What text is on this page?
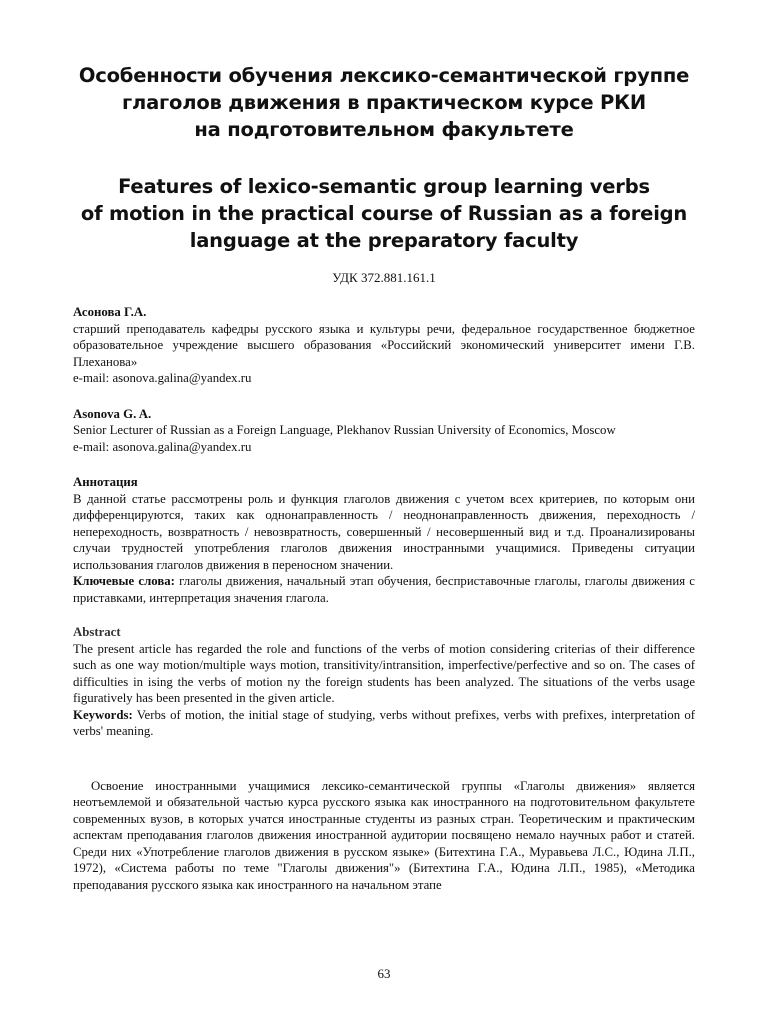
Особенности обучения лексико-семантической группе
глаголов движения в практическом курсе РКИ
на подготовительном факультете
Features of lexico-semantic group learning verbs
of motion in the practical course of Russian as a foreign
language at the preparatory faculty
УДК 372.881.161.1
Асонова Г.А.
старший преподаватель кафедры русского языка и культуры речи, федеральное государственное бюджетное образовательное учреждение высшего образования «Российский экономический университет имени Г.В. Плеханова»
e-mail: asonova.galina@yandex.ru
Asonova G. A.
Senior Lecturer of Russian as a Foreign Language, Plekhanov Russian University of Economics, Moscow
e-mail: asonova.galina@yandex.ru
Аннотация
В данной статье рассмотрены роль и функция глаголов движения с учетом всех критериев, по которым они дифференцируются, таких как однонаправленность / неоднонаправленность движения, переходность / непереходность, возвратность / невозвратность, совершенный / несовершенный вид и т.д. Проанализированы случаи трудностей употребления глаголов движения иностранными учащимися. Приведены ситуации использования глаголов движения в переносном значении.
Ключевые слова: глаголы движения, начальный этап обучения, бесприставочные глаголы, глаголы движения с приставками, интерпретация значения глагола.
Abstract
The present article has regarded the role and functions of the verbs of motion considering criterias of their difference such as one way motion/multiple ways motion, transitivity/intransition, imperfective/perfective and so on. The cases of difficulties in ising the verbs of motion ny the foreign students has been analyzed. The situations of the verbs usage figuratively has been presented in the given article.
Keywords: Verbs of motion, the initial stage of studying, verbs without prefixes, verbs with prefixes, interpretation of verbs' meaning.
Освоение иностранными учащимися лексико-семантической группы «Глаголы движения» является неотъемлемой и обязательной частью курса русского языка как иностранного на подготовительном факультете современных вузов, в которых учатся иностранные студенты из разных стран. Теоретическим и практическим аспектам преподавания глаголов движения иностранной аудитории посвящено немало научных работ и статей. Среди них «Употребление глаголов движения в русском языке» (Битехтина Г.А., Муравьева Л.С., Юдина Л.П., 1972), «Система работы по теме "Глаголы движения"» (Битехтина Г.А., Юдина Л.П., 1985), «Методика преподавания русского языка как иностранного на начальном этапе
63
